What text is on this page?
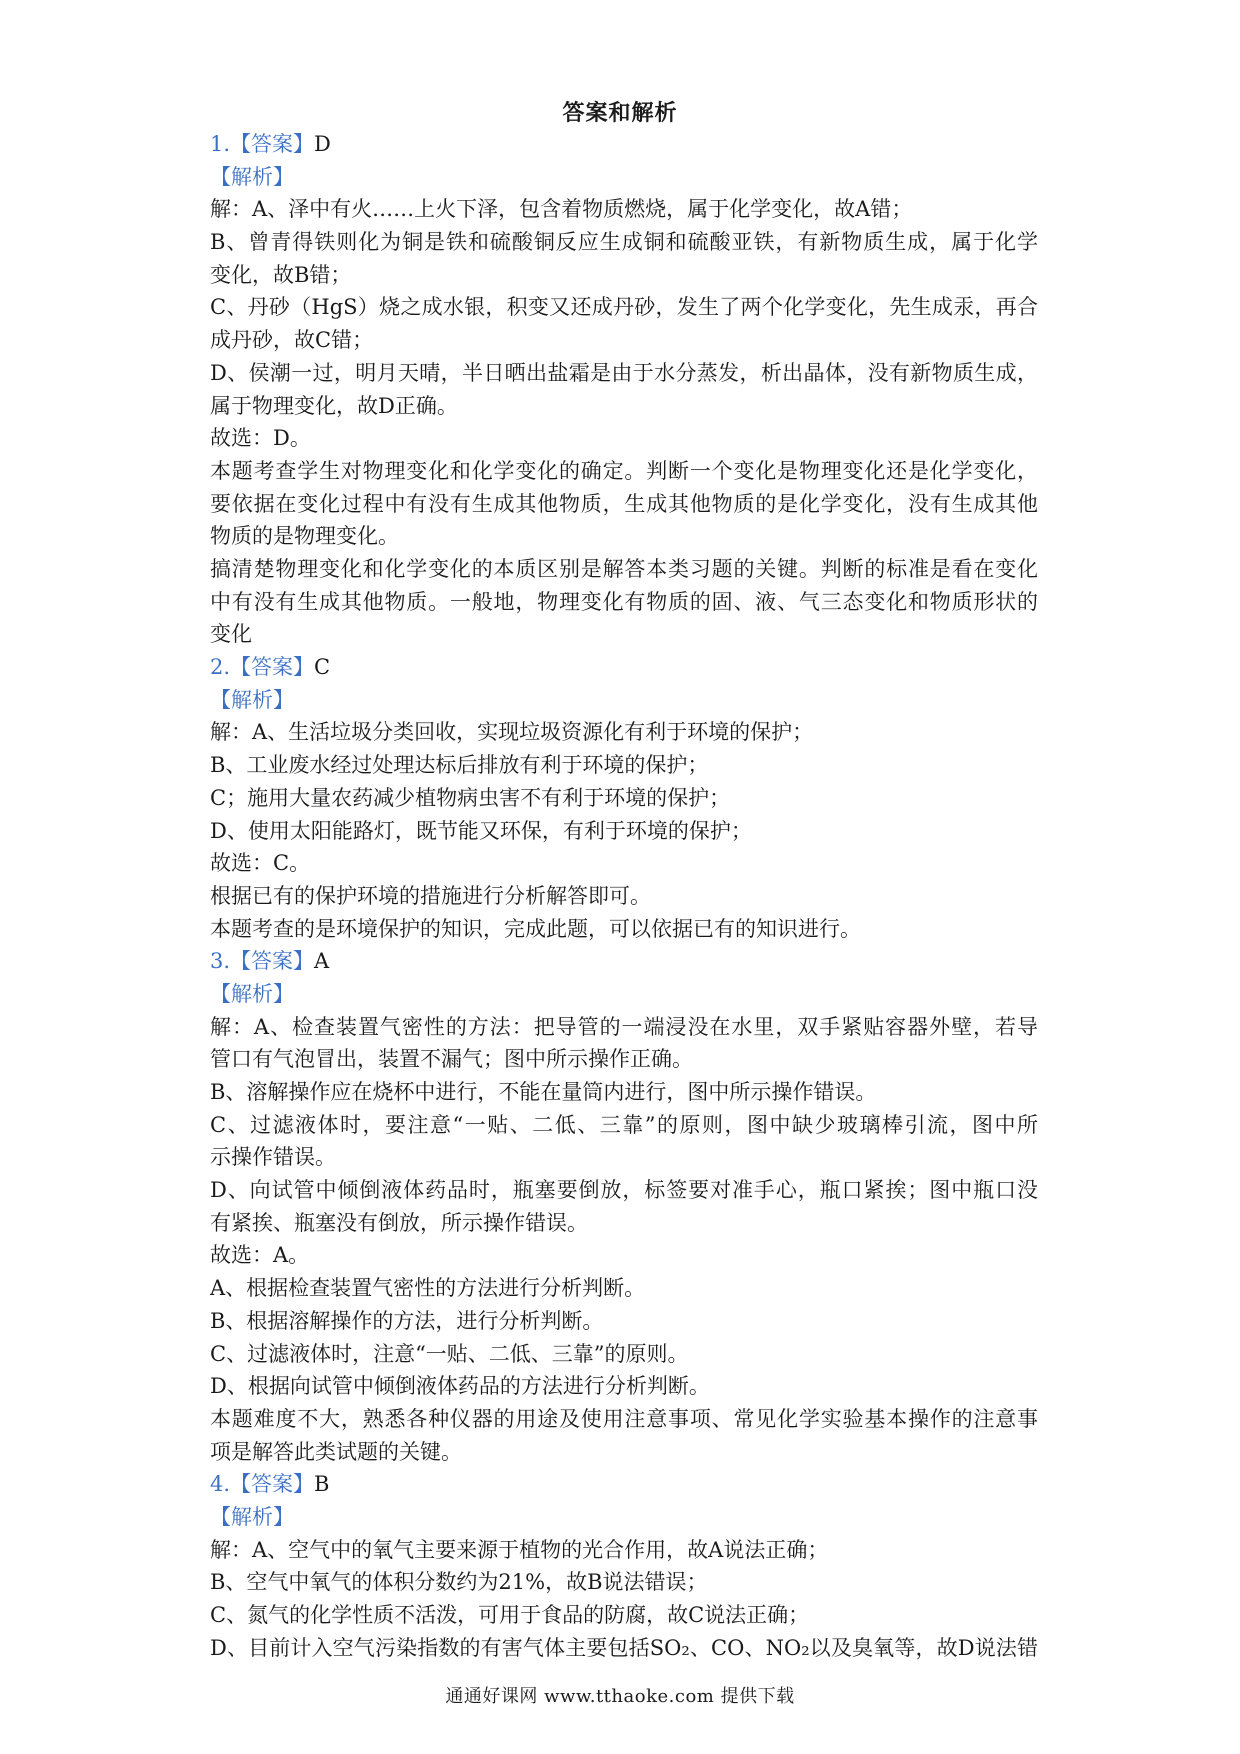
答案和解析
1.【答案】D
【解析】
解：A、泽中有火……上火下泽，包含着物质燃烧，属于化学变化，故A错；
B、曾青得铁则化为铜是铁和硫酸铜反应生成铜和硫酸亚铁，有新物质生成，属于化学
变化，故B错；
C、丹砂（HgS）烧之成水银，积变又还成丹砂，发生了两个化学变化，先生成汞，再合
成丹砂，故C错；
D、侯潮一过，明月天晴，半日晒出盐霜是由于水分蒸发，析出晶体，没有新物质生成，
属于物理变化，故D正确。
故选：D。
本题考查学生对物理变化和化学变化的确定。判断一个变化是物理变化还是化学变化，
要依据在变化过程中有没有生成其他物质，生成其他物质的是化学变化，没有生成其他
物质的是物理变化。
搞清楚物理变化和化学变化的本质区别是解答本类习题的关键。判断的标准是看在变化
中有没有生成其他物质。一般地，物理变化有物质的固、液、气三态变化和物质形状的
变化
2.【答案】C
【解析】
解：A、生活垃圾分类回收，实现垃圾资源化有利于环境的保护；
B、工业废水经过处理达标后排放有利于环境的保护；
C；施用大量农药减少植物病虫害不有利于环境的保护；
D、使用太阳能路灯，既节能又环保，有利于环境的保护；
故选：C。
根据已有的保护环境的措施进行分析解答即可。
本题考查的是环境保护的知识，完成此题，可以依据已有的知识进行。
3.【答案】A
【解析】
解：A、检查装置气密性的方法：把导管的一端浸没在水里，双手紧贴容器外壁，若导
管口有气泡冒出，装置不漏气；图中所示操作正确。
B、溶解操作应在烧杯中进行，不能在量筒内进行，图中所示操作错误。
C、过滤液体时，要注意“一贴、二低、三靠”的原则，图中缺少玻璃棒引流，图中所
示操作错误。
D、向试管中倾倒液体药品时，瓶塞要倒放，标签要对准手心，瓶口紧挨；图中瓶口没
有紧挨、瓶塞没有倒放，所示操作错误。
故选：A。
A、根据检查装置气密性的方法进行分析判断。
B、根据溶解操作的方法，进行分析判断。
C、过滤液体时，注意“一贴、二低、三靠”的原则。
D、根据向试管中倾倒液体药品的方法进行分析判断。
本题难度不大，熟悉各种仪器的用途及使用注意事项、常见化学实验基本操作的注意事
项是解答此类试题的关键。
4.【答案】B
【解析】
解：A、空气中的氧气主要来源于植物的光合作用，故A说法正确；
B、空气中氧气的体积分数约为21%，故B说法错误；
C、氮气的化学性质不活泼，可用于食品的防腐，故C说法正确；
D、目前计入空气污染指数的有害气体主要包括SO₂、CO、NO₂以及臭氧等，故D说法错
通通好课网 www.tthaoke.com 提供下载
